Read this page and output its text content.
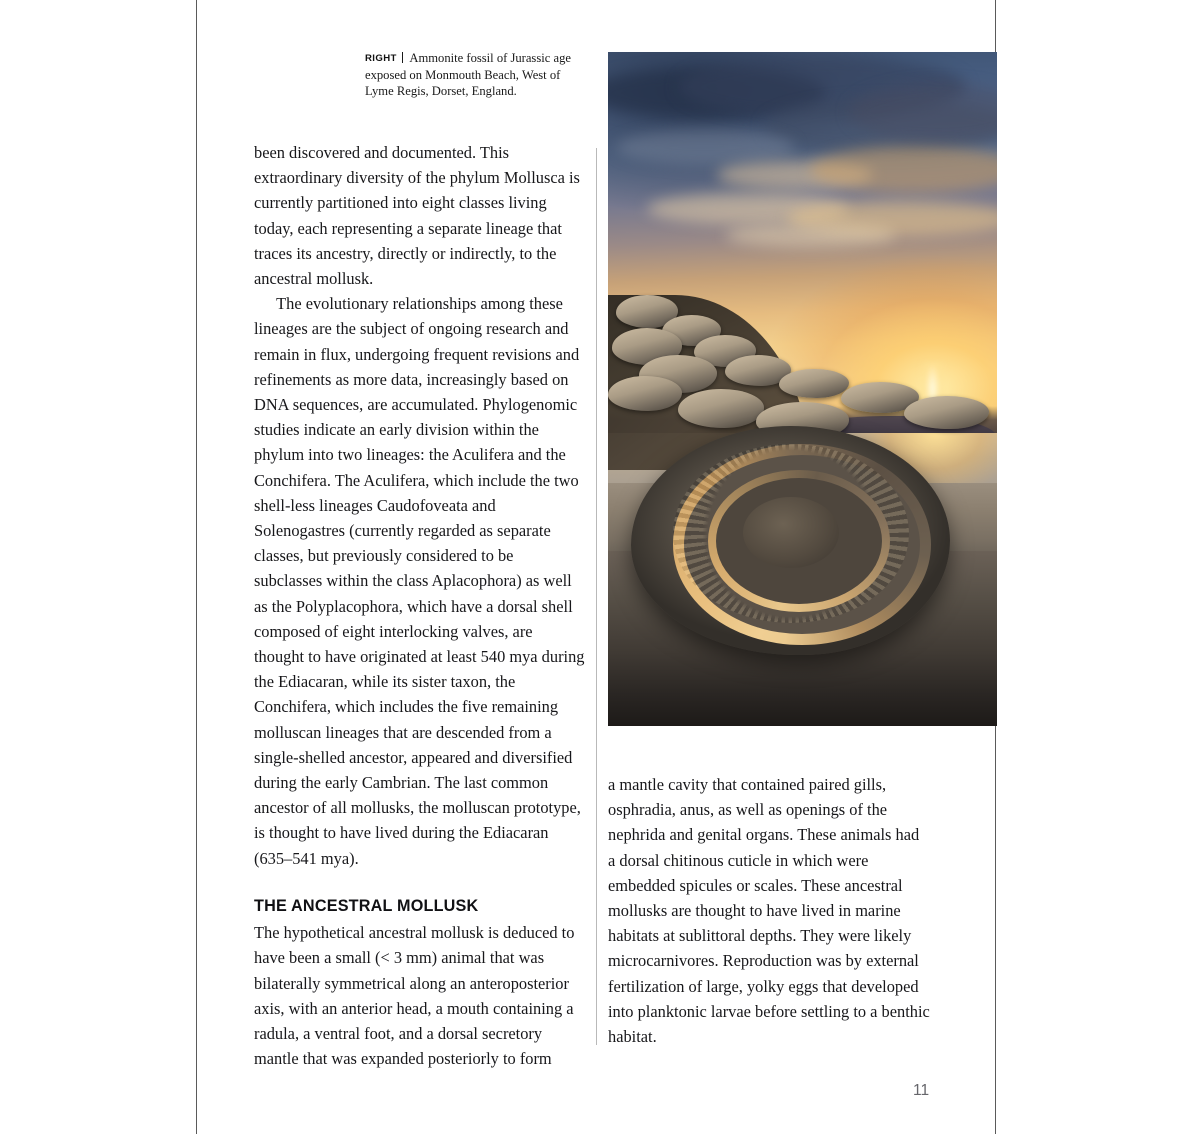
RIGHT Ammonite fossil of Jurassic age exposed on Monmouth Beach, West of Lyme Regis, Dorset, England.

been discovered and documented. This extraordinary diversity of the phylum Mollusca is currently partitioned into eight classes living today, each representing a separate lineage that traces its ancestry, directly or indirectly, to the ancestral mollusk.

The evolutionary relationships among these lineages are the subject of ongoing research and remain in flux, undergoing frequent revisions and refinements as more data, increasingly based on DNA sequences, are accumulated. Phylogenomic studies indicate an early division within the phylum into two lineages: the Aculifera and the Conchifera. The Aculifera, which include the two shell-less lineages Caudofoveata and Solenogastres (currently regarded as separate classes, but previously considered to be subclasses within the class Aplacophora) as well as the Polyplacophora, which have a dorsal shell composed of eight interlocking valves, are thought to have originated at least 540 mya during the Ediacaran, while its sister taxon, the Conchifera, which includes the five remaining molluscan lineages that are descended from a single-shelled ancestor, appeared and diversified during the early Cambrian. The last common ancestor of all mollusks, the molluscan prototype, is thought to have lived during the Ediacaran (635–541 mya).

THE ANCESTRAL MOLLUSK

The hypothetical ancestral mollusk is deduced to have been a small (< 3 mm) animal that was bilaterally symmetrical along an anteroposterior axis, with an anterior head, a mouth containing a radula, a ventral foot, and a dorsal secretory mantle that was expanded posteriorly to form

a mantle cavity that contained paired gills, osphradia, anus, as well as openings of the nephrida and genital organs. These animals had a dorsal chitinous cuticle in which were embedded spicules or scales. These ancestral mollusks are thought to have lived in marine habitats at sublittoral depths. They were likely microcarnivores. Reproduction was by external fertilization of large, yolky eggs that developed into planktonic larvae before settling to a benthic habitat.

11
